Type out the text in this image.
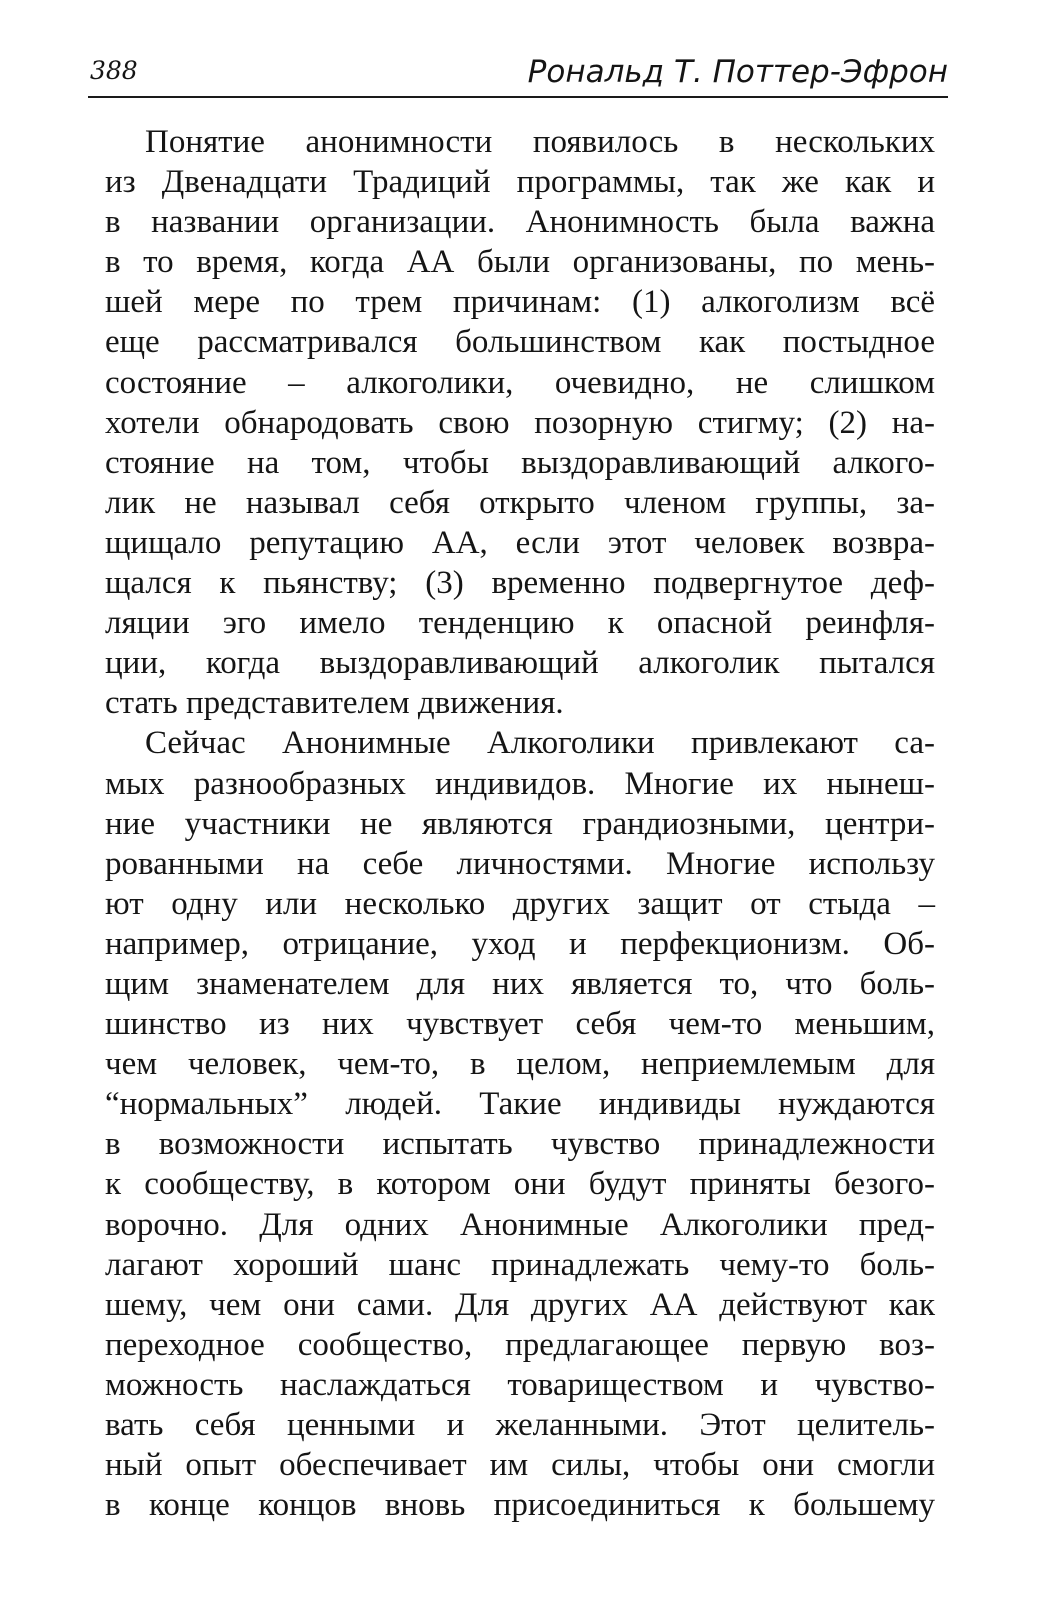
388	Рональд Т. Поттер-Эфрон
Понятие анонимности появилось в нескольких
из Двенадцати Традиций программы, так же как и
в названии организации. Анонимность была важна
в то время, когда АА были организованы, по мень-
шей мере по трем причинам: (1) алкоголизм всё
еще рассматривался большинством как постыдное
состояние – алкоголики, очевидно, не слишком
хотели обнародовать свою позорную стигму; (2) на-
стояние на том, чтобы выздоравливающий алкого-
лик не называл себя открыто членом группы, за-
щищало репутацию АА, если этот человек возвра-
щался к пьянству; (3) временно подвергнутое деф-
ляции эго имело тенденцию к опасной реинфля-
ции, когда выздоравливающий алкоголик пытался
стать представителем движения.
Сейчас Анонимные Алкоголики привлекают са-
мых разнообразных индивидов. Многие их нынеш-
ние участники не являются грандиозными, центри-
рованными на себе личностями. Многие использу
ют одну или несколько других защит от стыда –
например, отрицание, уход и перфекционизм. Об-
щим знаменателем для них является то, что боль-
шинство из них чувствует себя чем-то меньшим,
чем человек, чем-то, в целом, неприемлемым для
“нормальных” людей. Такие индивиды нуждаются
в возможности испытать чувство принадлежности
к сообществу, в котором они будут приняты безого-
ворочно. Для одних Анонимные Алкоголики пред-
лагают хороший шанс принадлежать чему-то боль-
шему, чем они сами. Для других АА действуют как
переходное сообщество, предлагающее первую воз-
можность наслаждаться товариществом и чувство-
вать себя ценными и желанными. Этот целитель-
ный опыт обеспечивает им силы, чтобы они смогли
в конце концов вновь присоединиться к большему
